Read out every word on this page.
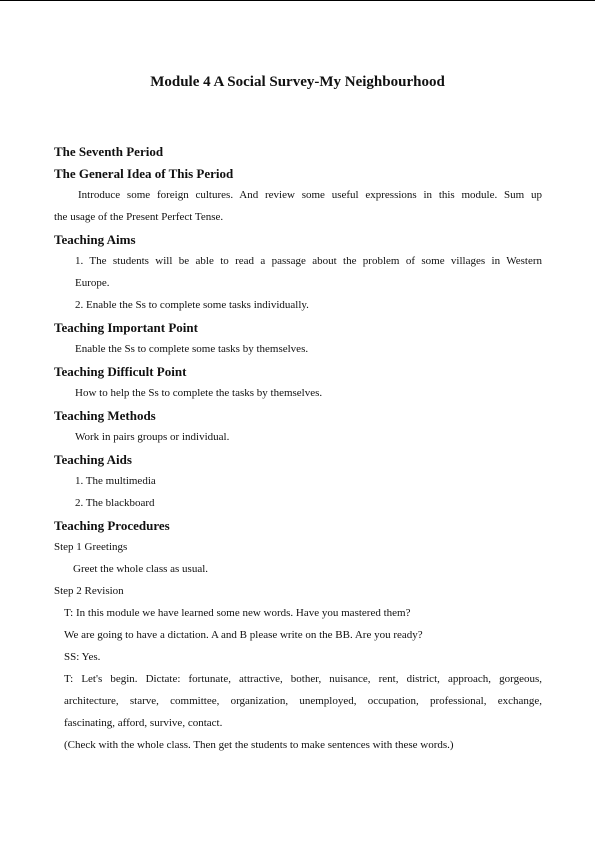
Module 4 A Social Survey-My Neighbourhood
The Seventh Period
The General Idea of This Period
Introduce some foreign cultures. And review some useful expressions in this module. Sum up
the usage of the Present Perfect Tense.
Teaching Aims
1. The students will be able to read a passage about the problem of some villages in Western
Europe.
2. Enable the Ss to complete some tasks individually.
Teaching Important Point
Enable the Ss to complete some tasks by themselves.
Teaching Difficult Point
How to help the Ss to complete the tasks by themselves.
Teaching Methods
Work in pairs groups or individual.
Teaching Aids
1. The multimedia
2. The blackboard
Teaching Procedures
Step 1 Greetings
Greet the whole class as usual.
Step 2 Revision
T: In this module we have learned some new words. Have you mastered them?
We are going to have a dictation. A and B please write on the BB. Are you ready?
SS: Yes.
T: Let's begin. Dictate: fortunate, attractive, bother, nuisance, rent, district, approach, gorgeous,
architecture, starve, committee, organization, unemployed, occupation, professional, exchange,
fascinating, afford, survive, contact.
(Check with the whole class. Then get the students to make sentences with these words.)
